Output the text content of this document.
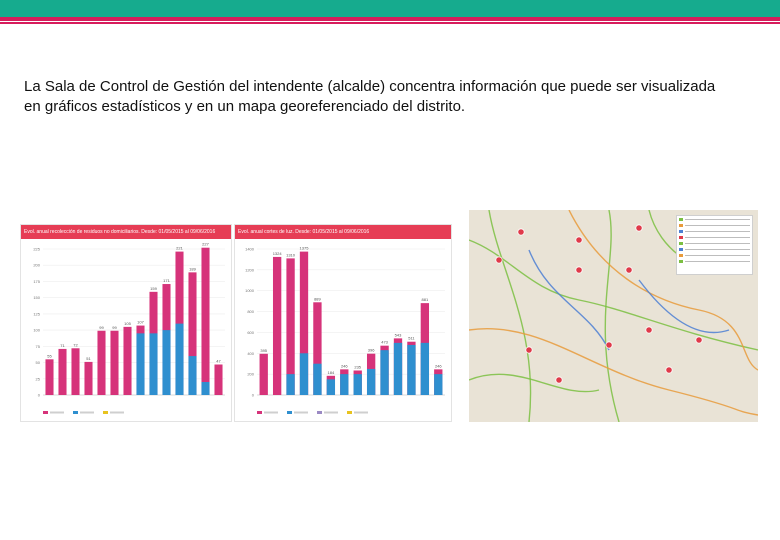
La Sala de Control de Gestión del intendente (alcalde) concentra información que puede ser visualizada en gráficos estadísticos y en un mapa georeferenciado del distrito.
Evol. anual recolección de residuos no domiciliarios. Desde: 01/05/2015 al 09/06/2016
0
25
50
75
100
125
150
175
200
225
55
71 72
51
99 99
105 107
159
171
221
189
227
47
Evol. anual cortes de luz. Desde: 01/05/2015 al 09/06/2016
0
200
400
600
800
1000
1200
1400
395
1324 1310
1375
889
184
246 235
396
473
543
511
881
246
